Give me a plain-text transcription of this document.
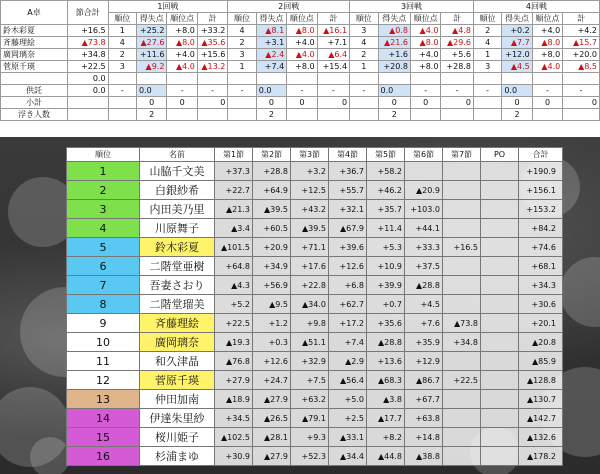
A卓	節合計	1回戦				2回戦				3回戦				4回戦			
		順位	得失点	順位点	計	順位	得失点	順位点	計	順位	得失点	順位点	計	順位	得失点	順位点	計
鈴木彩夏	+16.5	1	+25.2	+8.0	+33.2	4	▲8.1	▲8.0	▲16.1	3	▲0.8	▲4.0	▲4.8	2	+0.2	+4.0	+4.2
斉藤理絵	▲73.8	4	▲27.6	▲8.0	▲35.6	2	+3.1	+4.0	+7.1	4	▲21.6	▲8.0	▲29.6	4	▲7.7	▲8.0	▲15.7
廣岡璃奈	+34.8	2	+11.6	+4.0	+15.6	3	▲2.4	▲4.0	▲6.4	2	+1.6	+4.0	+5.6	1	+12.0	+8.0	+20.0
菅原千瑛	+22.5	3	▲9.2	▲4.0	▲13.2	1	+7.4	+8.0	+15.4	1	+20.8	+8.0	+28.8	3	▲4.5	▲4.0	▲8.5
	0.0																
供託	0.0	-	0.0	-	-	-	0.0	-	-	-	0.0	-	-	-	0.0	-	-
小計			0	0	0		0	0	0		0	0	0		0	0	0
浮き人数			2				2				2				2		
順位	名前	第1節	第2節	第3節	第4節	第5節	第6節	第7節	PO	合計
1	山脇千文美	+37.3	+28.8	+3.2	+36.7	+58.2				+190.9
2	白銀紗希	+22.7	+64.9	+12.5	+55.7	+46.2	▲20.9			+156.1
3	内田美乃里	▲21.3	▲39.5	+43.2	+32.1	+35.7	+103.0			+153.2
4	川原舞子	▲3.4	+60.5	▲39.5	▲67.9	+11.4	+44.1			+84.2
5	鈴木彩夏	▲101.5	+20.9	+71.1	+39.6	+5.3	+33.3	+16.5		+74.6
6	二階堂亜樹	+64.8	+34.9	+17.6	+12.6	+10.9	+37.5			+68.1
7	吾妻さおり	▲4.3	+56.9	+22.8	+6.8	+39.9	▲28.8			+34.3
8	二階堂瑠美	+5.2	▲9.5	▲34.0	+62.7	+0.7	+4.5			+30.6
9	斉藤理絵	+22.5	+1.2	+9.8	+17.2	+35.6	+7.6	▲73.8		+20.1
10	廣岡璃奈	▲19.3	+0.3	▲51.1	+7.4	▲28.8	+35.9	+34.8		▲20.8
11	和久津晶	▲76.8	+12.6	+32.9	▲2.9	+13.6	+12.9			▲85.9
12	菅原千瑛	+27.9	+24.7	+7.5	▲56.4	▲68.3	▲86.7	+22.5		▲128.8
13	仲田加南	▲18.9	▲27.9	+63.2	+5.0	▲3.8	+67.7			▲130.7
14	伊達朱里紗	+34.5	▲26.5	▲79.1	+2.5	▲17.7	+63.8			▲142.7
15	桜川姫子	▲102.5	▲28.1	+9.3	▲33.1	+8.2	+14.8			▲132.6
16	杉浦まゆ	+30.9	▲27.9	+52.3	▲34.4	▲44.8	▲38.8			▲178.2
